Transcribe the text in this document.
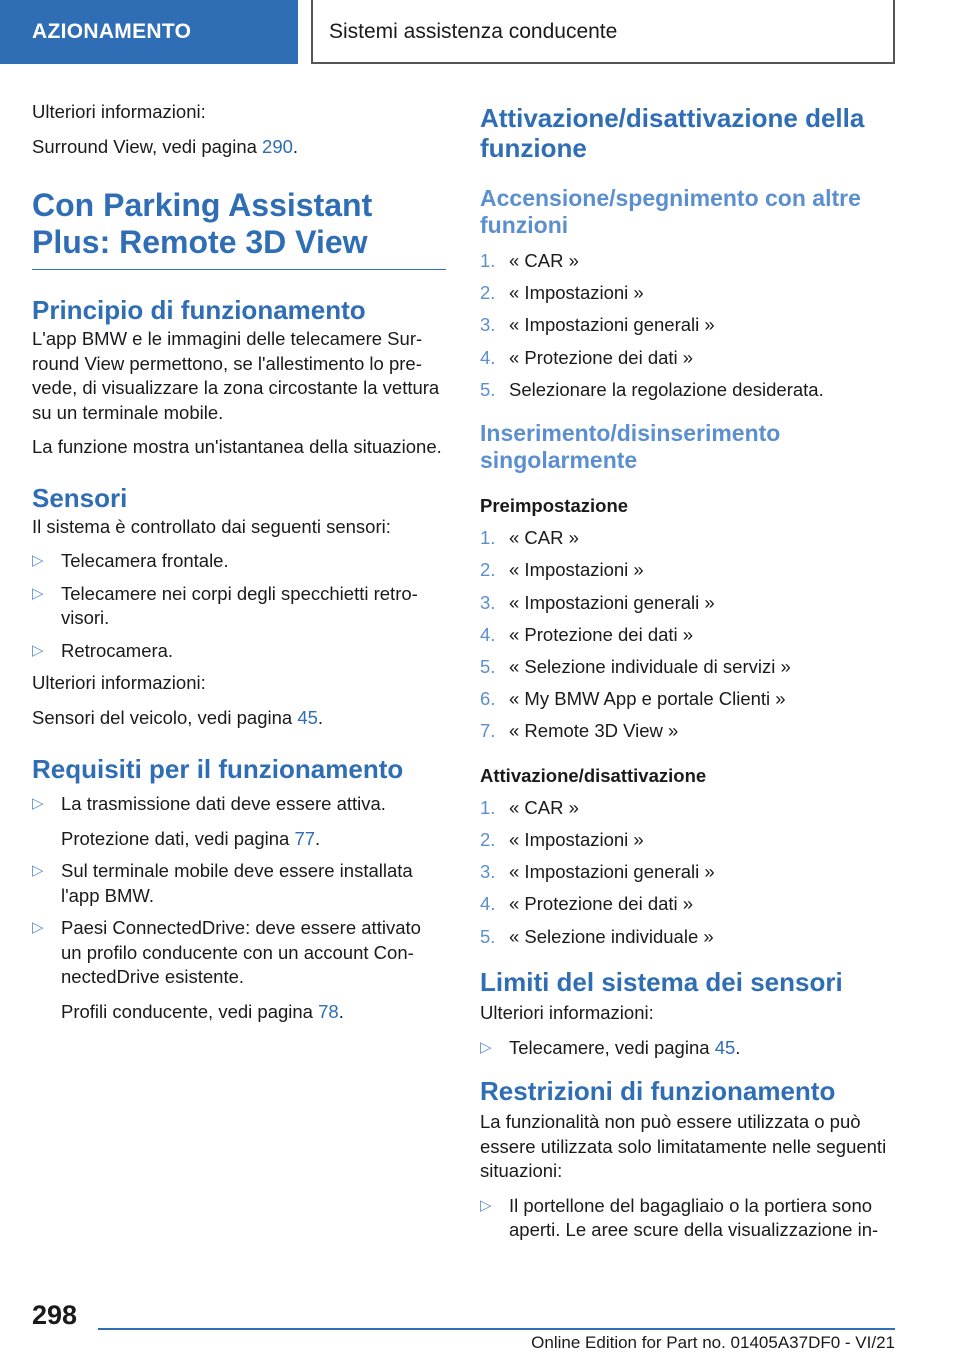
AZIONAMENTO	Sistemi assistenza conducente

Ulteriori informazioni:

Surround View, vedi pagina 290.

Con Parking Assistant
Plus: Remote 3D View
Principio di funzionamento

L'app BMW e le immagini delle telecamere Surround View permettono, se l'allestimento lo prevede, di visualizzare la zona circostante la vettura su un terminale mobile.

La funzione mostra un'istantanea della situazione.

Sensori

Il sistema è controllato dai seguenti sensori:

▷ Telecamera frontale.
▷ Telecamere nei corpi degli specchietti retrovisori.
▷ Retrocamera.

Ulteriori informazioni:

Sensori del veicolo, vedi pagina 45.

Requisiti per il funzionamento
▷ La trasmissione dati deve essere attiva.
Protezione dati, vedi pagina 77.
▷ Sul terminale mobile deve essere installata l'app BMW.
▷ Paesi ConnectedDrive: deve essere attivato un profilo conducente con un account ConnectedDrive esistente.
Profili conducente, vedi pagina 78.
Attivazione/disattivazione della funzione
Accensione/spegnimento con altre funzioni
1. « CAR »
2. « Impostazioni »
3. « Impostazioni generali »
4. « Protezione dei dati »
5. Selezionare la regolazione desiderata.
Inserimento/disinserimento singolarmente
Preimpostazione
1. « CAR »
2. « Impostazioni »
3. « Impostazioni generali »
4. « Protezione dei dati »
5. « Selezione individuale di servizi »
6. « My BMW App e portale Clienti »
7. « Remote 3D View »
Attivazione/disattivazione
1. « CAR »
2. « Impostazioni »
3. « Impostazioni generali »
4. « Protezione dei dati »
5. « Selezione individuale »
Limiti del sistema dei sensori

Ulteriori informazioni:

▷ Telecamere, vedi pagina 45.
Restrizioni di funzionamento

La funzionalità non può essere utilizzata o può essere utilizzata solo limitatamente nelle seguenti situazioni:

▷ Il portellone del bagagliaio o la portiera sono aperti. Le aree scure della visualizzazione in-
298
Online Edition for Part no. 01405A37DF0 - VI/21
